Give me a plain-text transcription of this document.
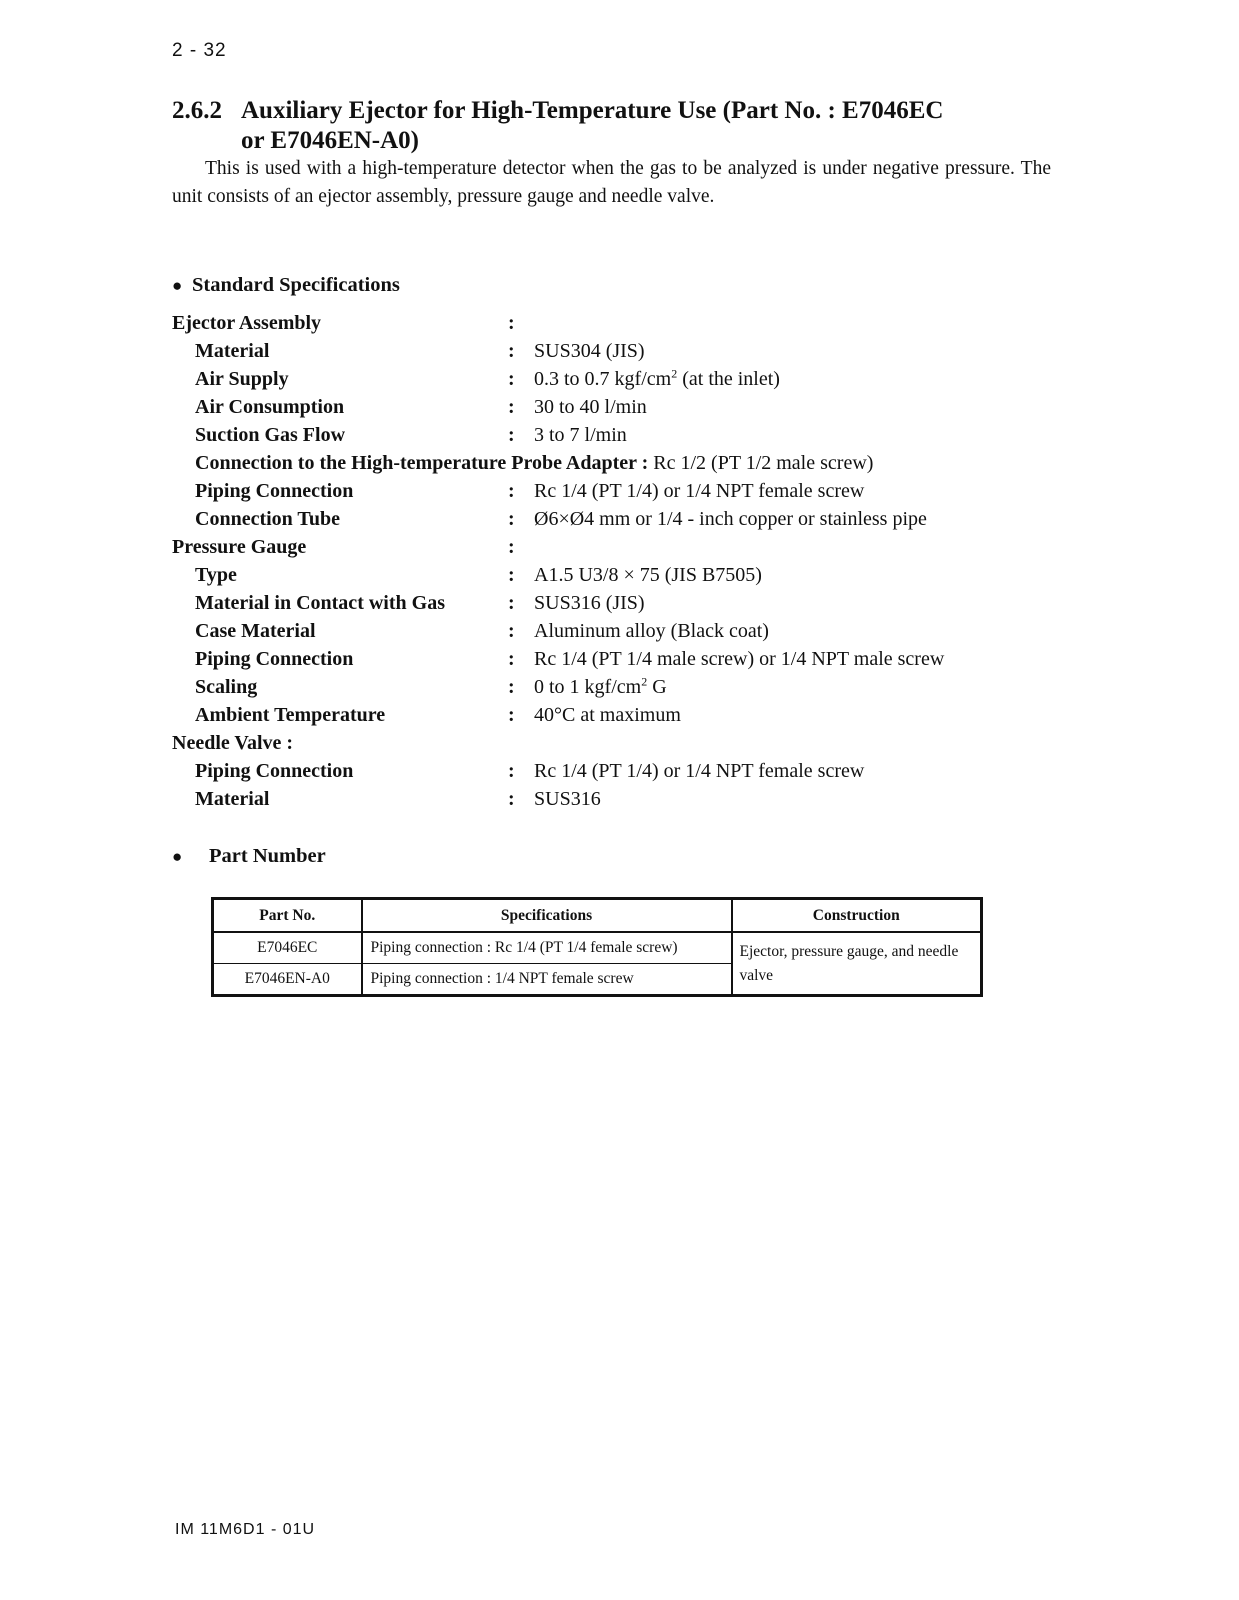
2 - 32
2.6.2 Auxiliary Ejector for High-Temperature Use (Part No. : E7046EC
or E7046EN-A0)

This is used with a high-temperature detector when the gas to be analyzed is under negative pressure. The unit consists of an ejector assembly, pressure gauge and needle valve.

● Standard Specifications
Ejector Assembly	:
Material	: SUS304 (JIS)
Air Supply	: 0.3 to 0.7 kgf/$cm^2$ (at the inlet)
Air Consumption	: 30 to 40 l/min
Suction Gas Flow	: 3 to 7 l/min
Connection to the High-temperature Probe Adapter : Rc 1/2 (PT 1/2 male screw)
Piping Connection	: Rc 1/4 (PT 1/4) or 1/4 NPT female screw
Connection Tube	: Ø6×Ø4 mm or 1/4 - inch copper or stainless pipe
Pressure Gauge	:
Type	: A1.5 U3/8 × 75 (JIS B7505)
Material in Contact with Gas	: SUS316 (JIS)
Case Material	: Aluminum alloy (Black coat)
Piping Connection	: Rc 1/4 (PT 1/4 male screw) or 1/4 NPT male screw
Scaling	: 0 to 1 kgf/$cm^2$ G
Ambient Temperature	: 40°C at maximum
Needle Valve :
Piping Connection	: Rc 1/4 (PT 1/4) or 1/4 NPT female screw
Material	: SUS316
● Part Number
Part No.	Specifications	Construction
E7046EC	Piping connection : Rc 1/4 (PT 1/4 female screw)	Ejector, pressure gauge, and needle valve
E7046EN-A0	Piping connection : 1/4 NPT female screw	
IM 11M6D1 - 01U
